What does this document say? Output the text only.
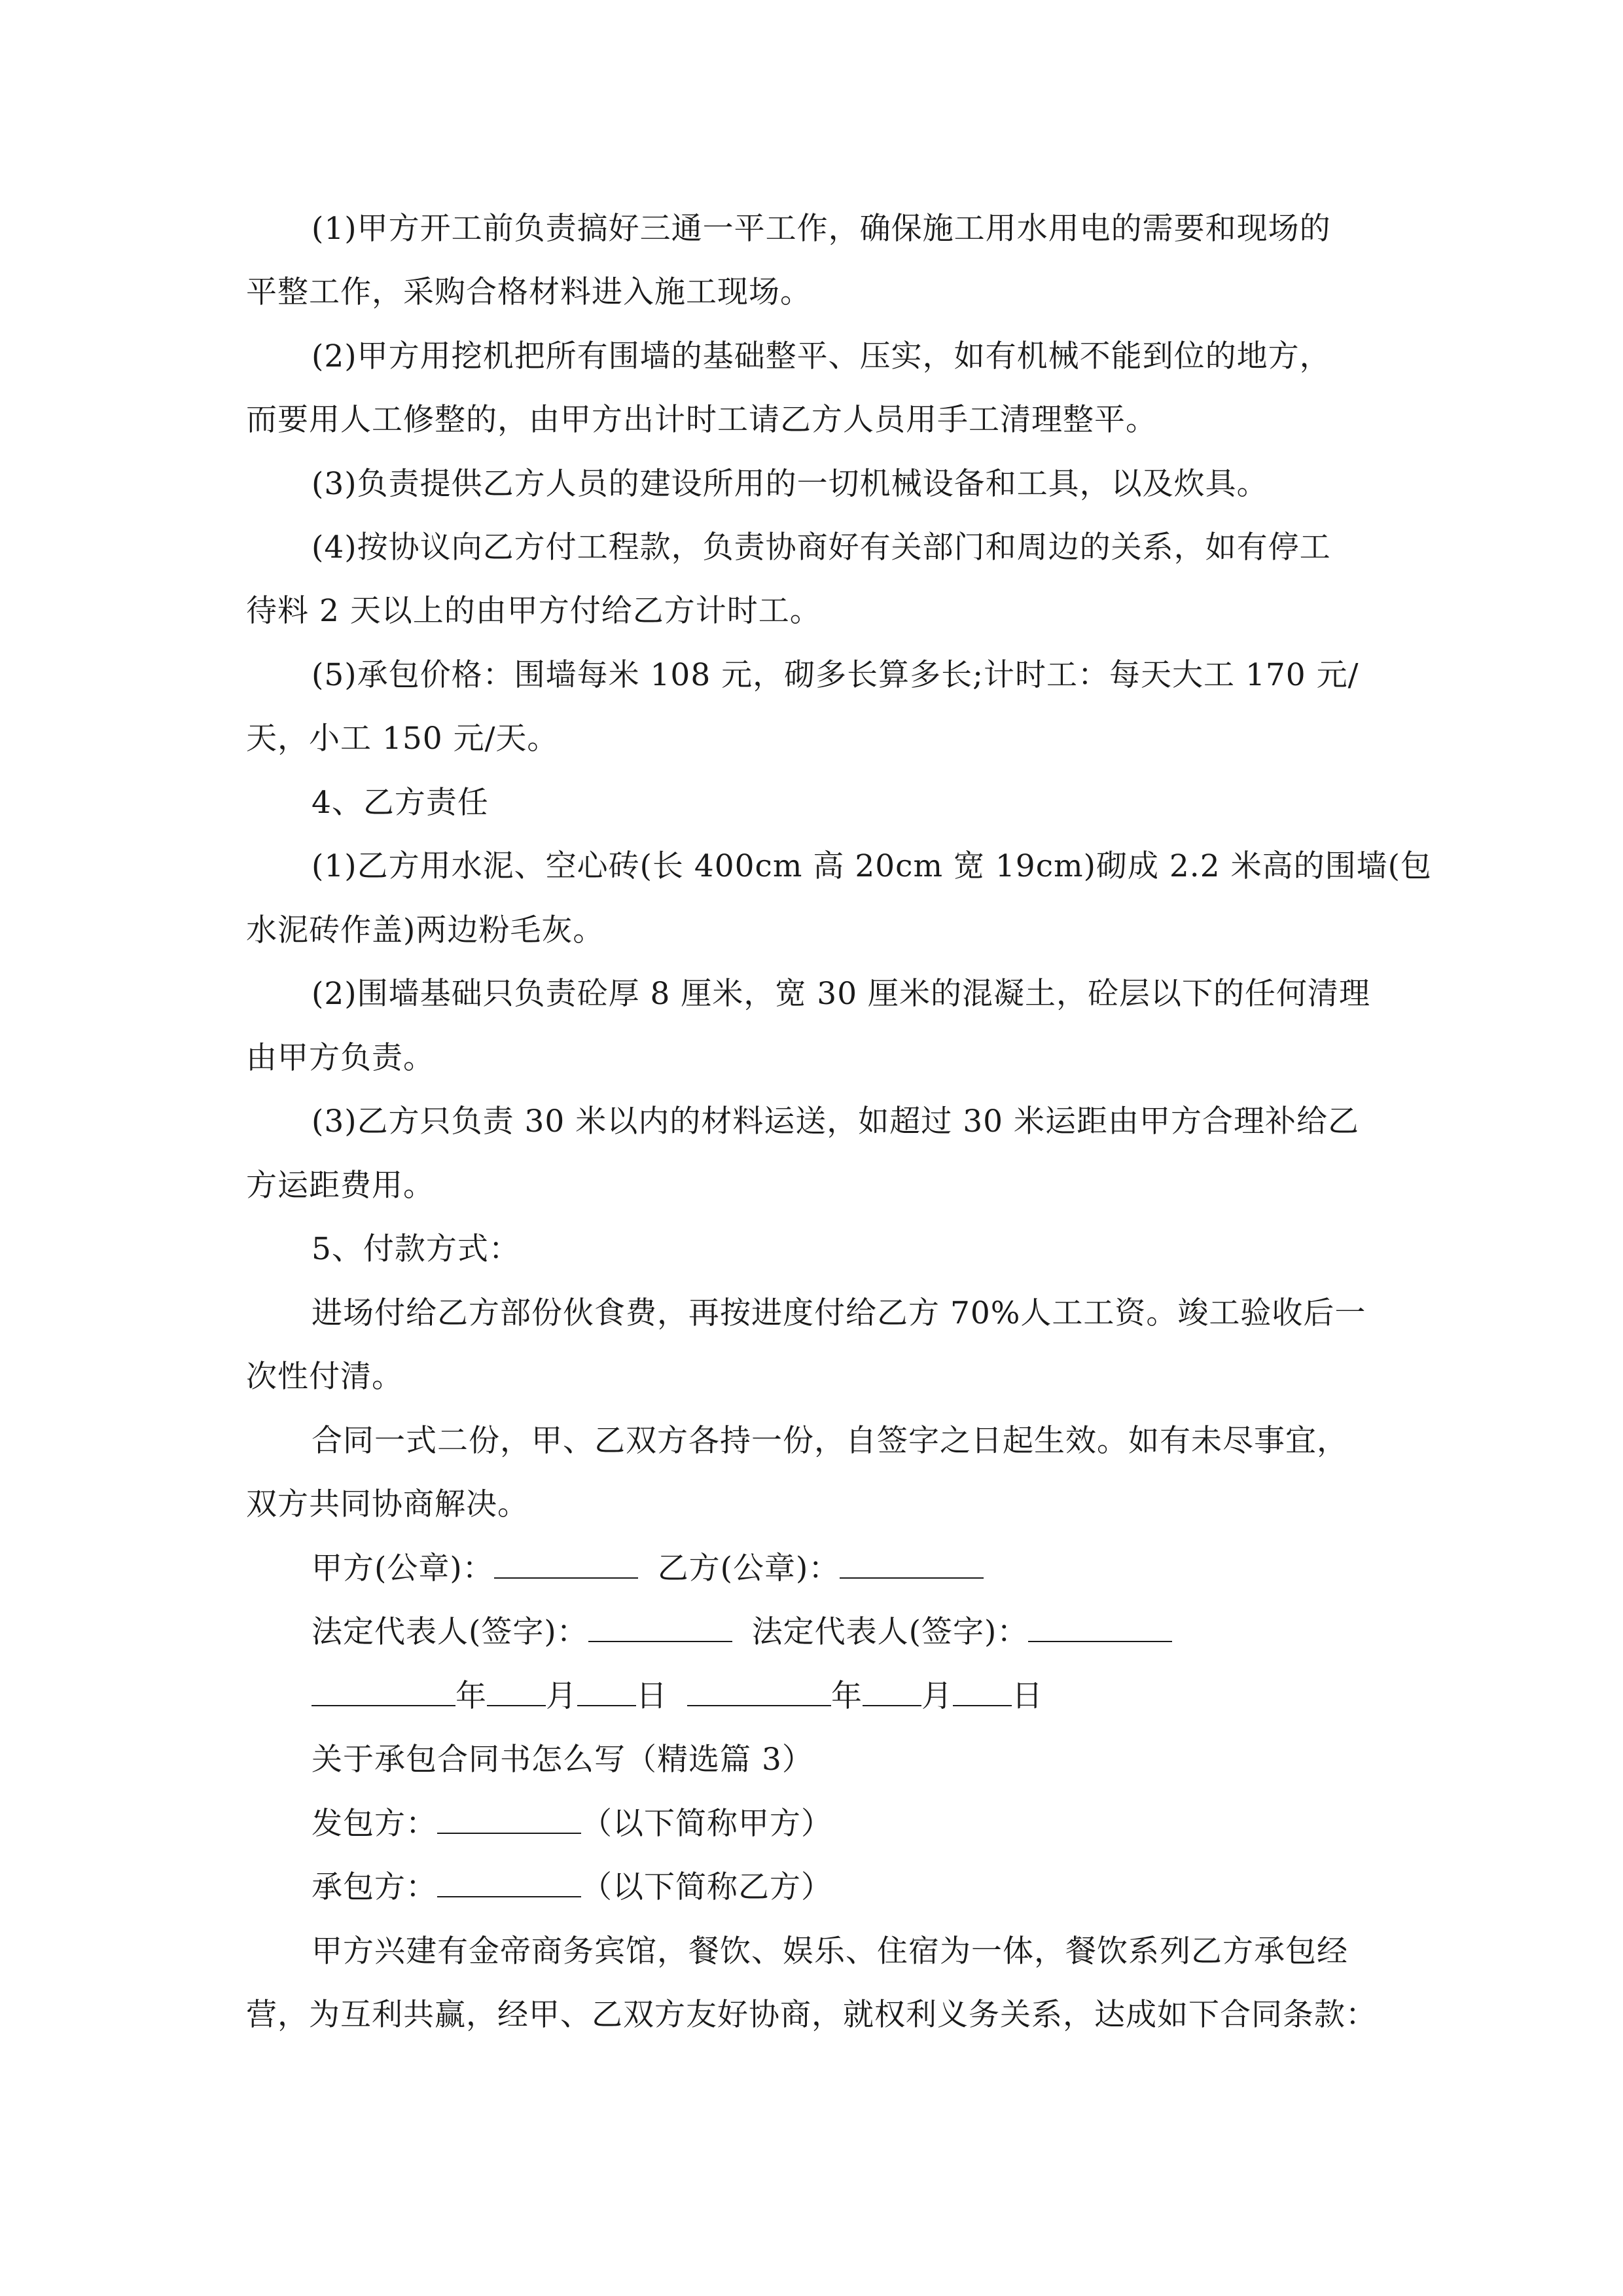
(1)甲方开工前负责搞好三通一平工作，确保施工用水用电的需要和现场的
平整工作，采购合格材料进入施工现场。
(2)甲方用挖机把所有围墙的基础整平、压实，如有机械不能到位的地方，
而要用人工修整的，由甲方出计时工请乙方人员用手工清理整平。
(3)负责提供乙方人员的建设所用的一切机械设备和工具，以及炊具。
(4)按协议向乙方付工程款，负责协商好有关部门和周边的关系，如有停工
待料 2 天以上的由甲方付给乙方计时工。
(5)承包价格：围墙每米 108 元，砌多长算多长;计时工：每天大工 170 元/
天，小工 150 元/天。
4、乙方责任
(1)乙方用水泥、空心砖(长 400cm 高 20cm 宽 19cm)砌成 2.2 米高的围墙(包
水泥砖作盖)两边粉毛灰。
(2)围墙基础只负责砼厚 8 厘米，宽 30 厘米的混凝土，砼层以下的任何清理
由甲方负责。
(3)乙方只负责 30 米以内的材料运送，如超过 30 米运距由甲方合理补给乙
方运距费用。
5、付款方式：
进场付给乙方部份伙食费，再按进度付给乙方 70%人工工资。竣工验收后一
次性付清。
合同一式二份，甲、乙双方各持一份，自签字之日起生效。如有未尽事宜，
双方共同协商解决。
甲方(公章)：	乙方(公章)：
法定代表人(签字)：	法定代表人(签字)：
年 月 日	年 月 日
关于承包合同书怎么写（精选篇 3）
发包方：	（以下简称甲方）
承包方：	（以下简称乙方）
甲方兴建有金帝商务宾馆，餐饮、娱乐、住宿为一体，餐饮系列乙方承包经
营，为互利共赢，经甲、乙双方友好协商，就权利义务关系，达成如下合同条款：
